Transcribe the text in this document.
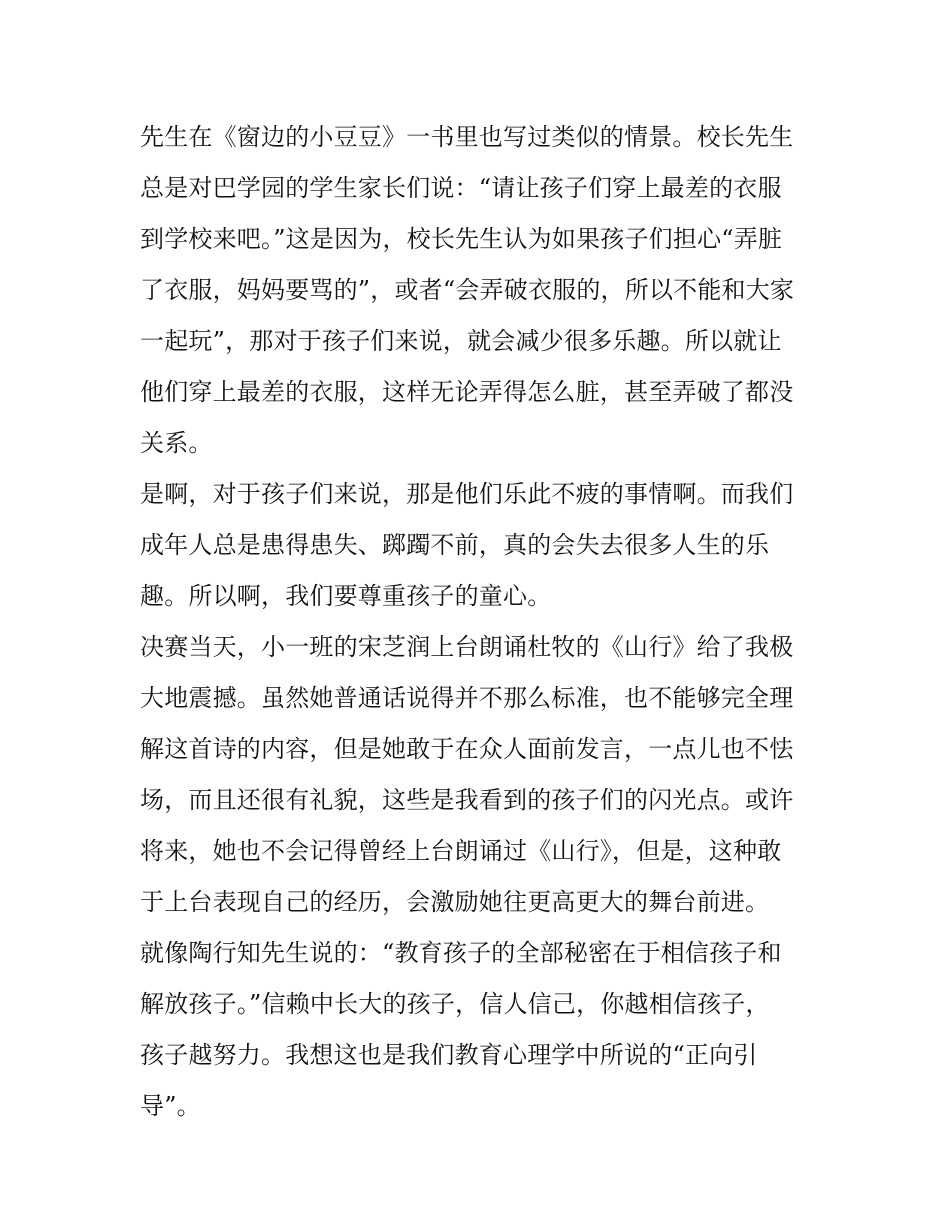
先生在《窗边的小豆豆》一书里也写过类似的情景。校长先生
总是对巴学园的学生家长们说：“请让孩子们穿上最差的衣服
到学校来吧。”这是因为，校长先生认为如果孩子们担心“弄脏
了衣服，妈妈要骂的”，或者“会弄破衣服的，所以不能和大家
一起玩”，那对于孩子们来说，就会减少很多乐趣。所以就让
他们穿上最差的衣服，这样无论弄得怎么脏，甚至弄破了都没
关系。
是啊，对于孩子们来说，那是他们乐此不疲的事情啊。而我们
成年人总是患得患失、踯躅不前，真的会失去很多人生的乐
趣。所以啊，我们要尊重孩子的童心。
决赛当天，小一班的宋芝润上台朗诵杜牧的《山行》给了我极
大地震撼。虽然她普通话说得并不那么标准，也不能够完全理
解这首诗的内容，但是她敢于在众人面前发言，一点儿也不怯
场，而且还很有礼貌，这些是我看到的孩子们的闪光点。或许
将来，她也不会记得曾经上台朗诵过《山行》，但是，这种敢
于上台表现自己的经历，会激励她往更高更大的舞台前进。
就像陶行知先生说的：“教育孩子的全部秘密在于相信孩子和
解放孩子。”信赖中长大的孩子，信人信己，你越相信孩子，
孩子越努力。我想这也是我们教育心理学中所说的“正向引
导”。
